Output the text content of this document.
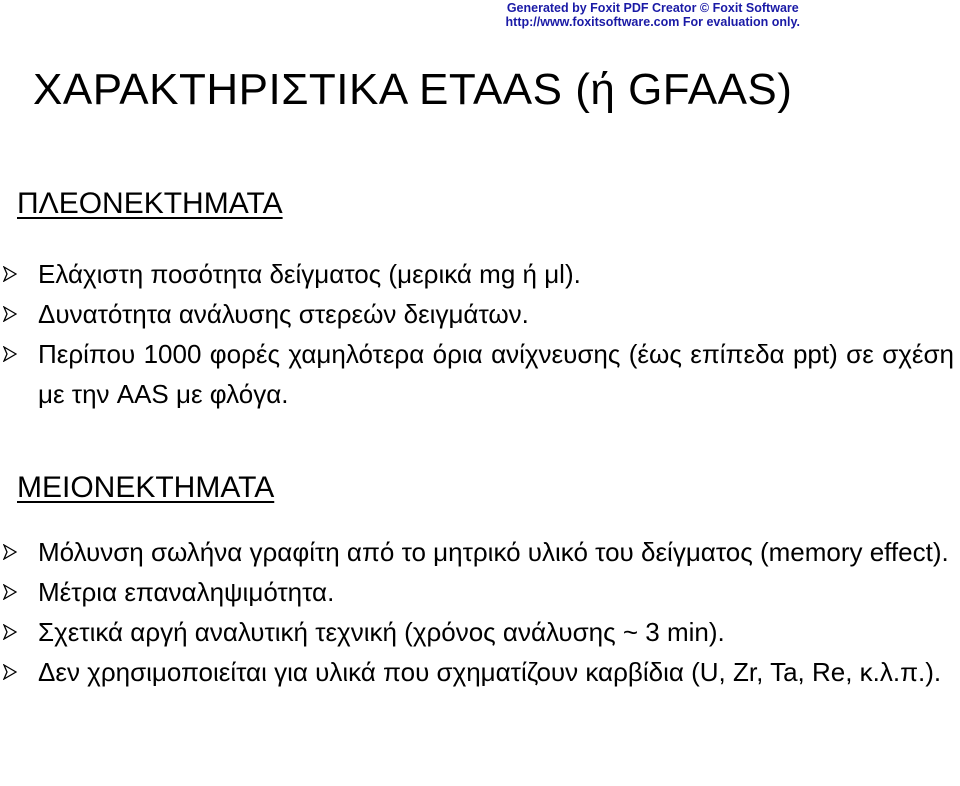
Generated by Foxit PDF Creator © Foxit Software
http://www.foxitsoftware.com For evaluation only.
ΧΑΡΑΚΤΗΡΙΣΤΙΚΑ ETAAS (ή GFAAS)
ΠΛΕΟΝΕΚΤΗΜΑΤΑ
Ελάχιστη ποσότητα δείγματος (μερικά mg ή μl).
Δυνατότητα ανάλυσης στερεών δειγμάτων.
Περίπου 1000 φορές χαμηλότερα όρια ανίχνευσης (έως επίπεδα ppt) σε σχέση με την AAS με φλόγα.
ΜΕΙΟΝΕΚΤΗΜΑΤΑ
Μόλυνση σωλήνα γραφίτη από το μητρικό υλικό του δείγματος (memory effect).
Μέτρια επαναληψιμότητα.
Σχετικά αργή αναλυτική τεχνική (χρόνος ανάλυσης ~ 3 min).
Δεν χρησιμοποιείται για υλικά που σχηματίζουν καρβίδια (U, Zr, Ta, Re, κ.λ.π.).
